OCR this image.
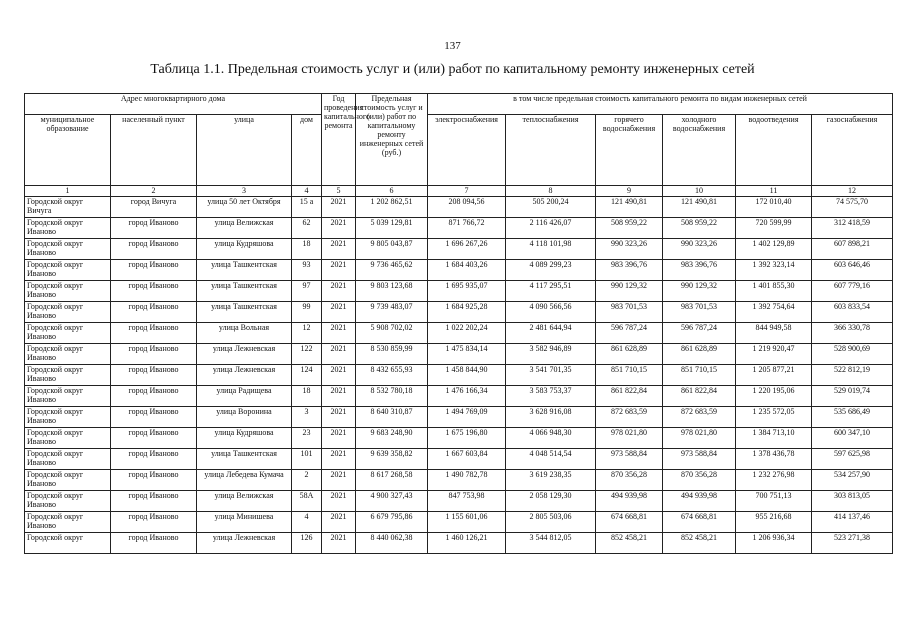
137
Таблица 1.1. Предельная стоимость услуг и (или) работ по капитальному ремонту инженерных сетей
Адрес многоквартирного дома				Год проведения капитального ремонта	Предельная стоимость услуг и (или) работ по капитальному ремонту инженерных сетей (руб.)	в том числе предельная стоимость капитального ремонта по видам инженерных сетей					
муниципальное образование	населенный пункт	улица	дом			электроснабжения	теплоснабжения	горячего водоснабжения	холодного водоснабжения	водоотведения	газоснабжения
1	2	3	4	5	6	7	8	9	10	11	12
Городской округ Вичуга	город Вичуга	улица 50 лет Октября	15 а	2021	1 202 862,51	208 094,56	505 200,24	121 490,81	121 490,81	172 010,40	74 575,70
Городской округ Иваново	город Иваново	улица Велижская	62	2021	5 039 129,81	871 766,72	2 116 426,07	508 959,22	508 959,22	720 599,99	312 418,59
Городской округ Иваново	город Иваново	улица Кудряшова	18	2021	9 805 043,87	1 696 267,26	4 118 101,98	990 323,26	990 323,26	1 402 129,89	607 898,21
Городской округ Иваново	город Иваново	улица Ташкентская	93	2021	9 736 465,62	1 684 403,26	4 089 299,23	983 396,76	983 396,76	1 392 323,14	603 646,46
Городской округ Иваново	город Иваново	улица Ташкентская	97	2021	9 803 123,68	1 695 935,07	4 117 295,51	990 129,32	990 129,32	1 401 855,30	607 779,16
Городской округ Иваново	город Иваново	улица Ташкентская	99	2021	9 739 483,07	1 684 925,28	4 090 566,56	983 701,53	983 701,53	1 392 754,64	603 833,54
Городской округ Иваново	город Иваново	улица Вольная	12	2021	5 908 702,02	1 022 202,24	2 481 644,94	596 787,24	596 787,24	844 949,58	366 330,78
Городской округ Иваново	город Иваново	улица Лежневская	122	2021	8 530 859,99	1 475 834,14	3 582 946,89	861 628,89	861 628,89	1 219 920,47	528 900,69
Городской округ Иваново	город Иваново	улица Лежневская	124	2021	8 432 655,93	1 458 844,90	3 541 701,35	851 710,15	851 710,15	1 205 877,21	522 812,19
Городской округ Иваново	город Иваново	улица Радищева	18	2021	8 532 780,18	1 476 166,34	3 583 753,37	861 822,84	861 822,84	1 220 195,06	529 019,74
Городской округ Иваново	город Иваново	улица Воронина	3	2021	8 640 310,87	1 494 769,09	3 628 916,08	872 683,59	872 683,59	1 235 572,05	535 686,49
Городской округ Иваново	город Иваново	улица Кудряшова	23	2021	9 683 248,90	1 675 196,80	4 066 948,30	978 021,80	978 021,80	1 384 713,10	600 347,10
Городской округ Иваново	город Иваново	улица Ташкентская	101	2021	9 639 358,82	1 667 603,84	4 048 514,54	973 588,84	973 588,84	1 378 436,78	597 625,98
Городской округ Иваново	город Иваново	улица Лебедева Кумача	2	2021	8 617 268,58	1 490 782,78	3 619 238,35	870 356,28	870 356,28	1 232 276,98	534 257,90
Городской округ Иваново	город Иваново	улица Велижская	58А	2021	4 900 327,43	847 753,98	2 058 129,30	494 939,98	494 939,98	700 751,13	303 813,05
Городской округ Иваново	город Иваново	улица Минишева	4	2021	6 679 795,86	1 155 601,06	2 805 503,06	674 668,81	674 668,81	955 216,68	414 137,46
Городской округ	город Иваново	улица Лежневская	126	2021	8 440 062,38	1 460 126,21	3 544 812,05	852 458,21	852 458,21	1 206 936,34	523 271,38
